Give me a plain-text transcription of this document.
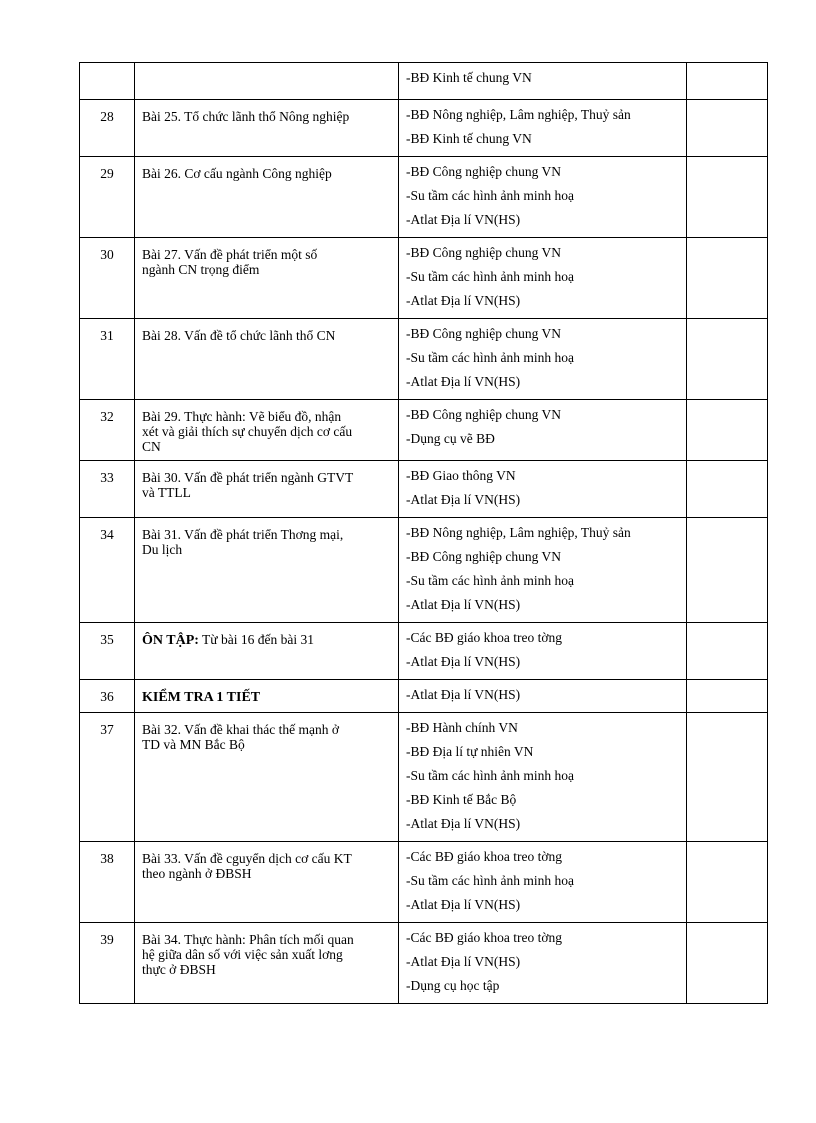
		-BĐ Kinh tế chung VN	

28	Bài 25. Tổ chức lãnh thổ Nông nghiệp	-BĐ Nông nghiệp, Lâm nghiệp, Thuỷ sản
-BĐ Kinh tế chung VN	

29	Bài 26. Cơ cấu ngành Công nghiệp	-BĐ Công nghiệp chung VN
-Su tầm các hình ảnh minh hoạ
-Atlat Địa lí VN(HS)	

30	Bài 27. Vấn đề phát triển một số
ngành CN trọng điểm	-BĐ Công nghiệp chung VN
-Su tầm các hình ảnh minh hoạ
-Atlat Địa lí VN(HS)	

31	Bài 28. Vấn đề tổ chức lãnh thổ CN	-BĐ Công nghiệp chung VN
-Su tầm các hình ảnh minh hoạ
-Atlat Địa lí VN(HS)	

32	Bài 29. Thực hành: Vẽ biểu đồ, nhận
xét và giải thích sự chuyển dịch cơ cấu
CN	-BĐ Công nghiệp chung VN
-Dụng cụ vẽ BĐ	

33	Bài 30. Vấn đề phát triển ngành GTVT
và TTLL	-BĐ Giao thông VN
-Atlat Địa lí VN(HS)	

34	Bài 31. Vấn đề phát triển Thơng mại,
Du lịch	-BĐ Nông nghiệp, Lâm nghiệp, Thuỷ sản
-BĐ Công nghiệp chung VN
-Su tầm các hình ảnh minh hoạ
-Atlat Địa lí VN(HS)	

35	ÔN TẬP: Từ bài 16 đến bài 31	-Các BĐ giáo khoa treo tờng
-Atlat Địa lí VN(HS)	

36	KIỂM TRA 1 TIẾT	-Atlat Địa lí VN(HS)	

37	Bài 32. Vấn đề khai thác thế mạnh ở
TD và MN Bắc Bộ	-BĐ Hành chính VN
-BĐ Địa lí tự nhiên VN
-Su tầm các hình ảnh minh hoạ
-BĐ Kinh tế Bắc Bộ
-Atlat Địa lí VN(HS)	

38	Bài 33. Vấn đề cguyển dịch cơ cấu KT
theo ngành ở ĐBSH	-Các BĐ giáo khoa treo tờng
-Su tầm các hình ảnh minh hoạ
-Atlat Địa lí VN(HS)	

39	Bài 34. Thực hành: Phân tích mối quan
hệ giữa dân số với việc sản xuất lơng
thực ở ĐBSH	-Các BĐ giáo khoa treo tờng
-Atlat Địa lí VN(HS)
-Dụng cụ học tập	
